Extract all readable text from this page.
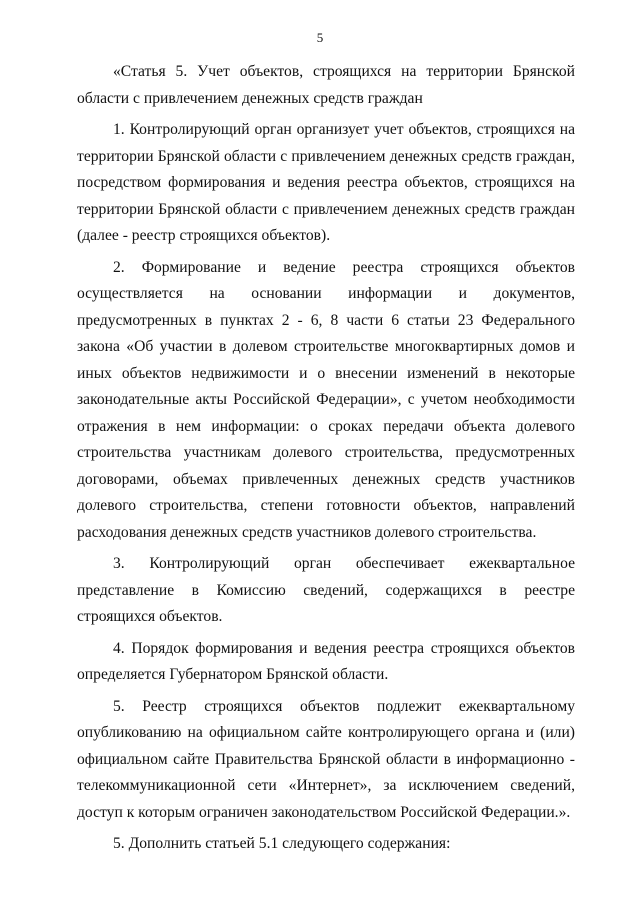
5

«Статья 5. Учет объектов, строящихся на территории Брянской области с привлечением денежных средств граждан

1. Контролирующий орган организует учет объектов, строящихся на территории Брянской области с привлечением денежных средств граждан, посредством формирования и ведения реестра объектов, строящихся на территории Брянской области с привлечением денежных средств граждан (далее - реестр строящихся объектов).

2. Формирование и ведение реестра строящихся объектов осуществляется на основании информации и документов, предусмотренных в пунктах 2 - 6, 8 части 6 статьи 23 Федерального закона «Об участии в долевом строительстве многоквартирных домов и иных объектов недвижимости и о внесении изменений в некоторые законодательные акты Российской Федерации», с учетом необходимости отражения в нем информации: о сроках передачи объекта долевого строительства участникам долевого строительства, предусмотренных договорами, объемах привлеченных денежных средств участников долевого строительства, степени готовности объектов, направлений расходования денежных средств участников долевого строительства.

3. Контролирующий орган обеспечивает ежеквартальное представление в Комиссию сведений, содержащихся в реестре строящихся объектов.

4. Порядок формирования и ведения реестра строящихся объектов определяется Губернатором Брянской области.

5. Реестр строящихся объектов подлежит ежеквартальному опубликованию на официальном сайте контролирующего органа и (или) официальном сайте Правительства Брянской области в информационно - телекоммуникационной сети «Интернет», за исключением сведений, доступ к которым ограничен законодательством Российской Федерации.».

5. Дополнить статьей 5.1 следующего содержания:
